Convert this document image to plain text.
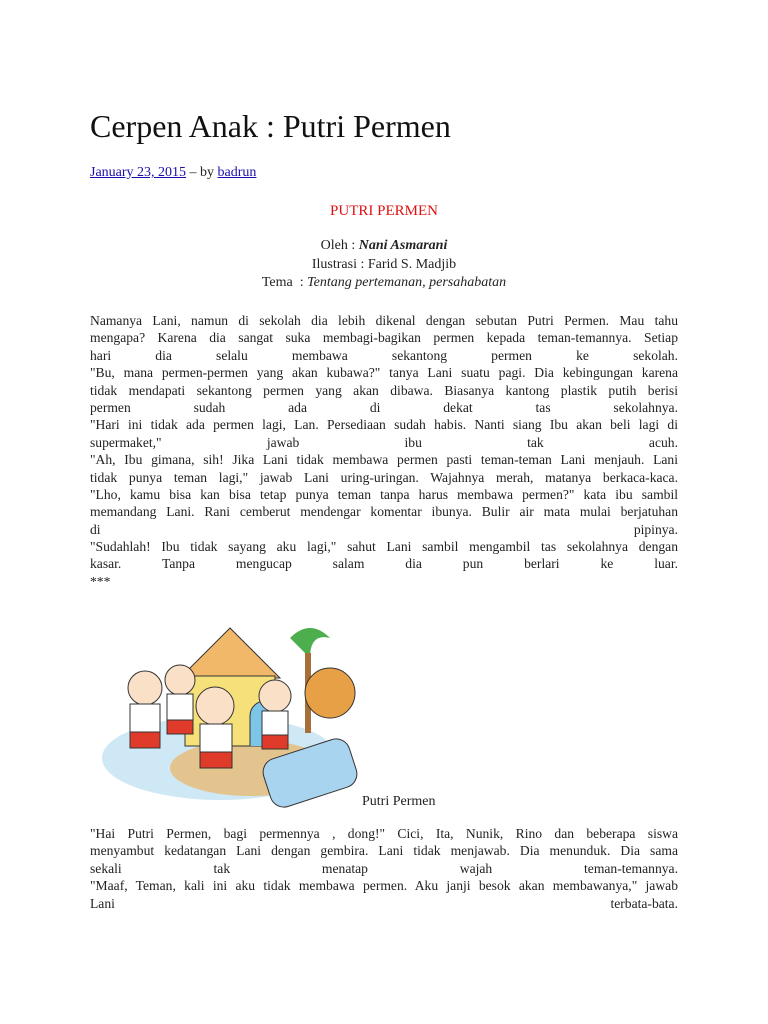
Cerpen Anak : Putri Permen
January 23, 2015 – by badrun
PUTRI PERMEN
Oleh : Nani Asmarani
Ilustrasi : Farid S. Madjib
Tema  : Tentang pertemanan, persahabatan
Namanya Lani, namun di sekolah dia lebih dikenal dengan sebutan Putri Permen. Mau tahu
mengapa? Karena dia sangat suka membagi-bagikan permen kepada teman-temannya. Setiap
hari dia selalu membawa sekantong permen ke sekolah.
"Bu, mana permen-permen yang akan kubawa?" tanya Lani suatu pagi. Dia kebingungan karena
tidak mendapati sekantong permen yang akan dibawa. Biasanya kantong plastik putih berisi
permen sudah ada di dekat tas sekolahnya.
"Hari ini tidak ada permen lagi, Lan. Persediaan sudah habis. Nanti siang Ibu akan beli lagi di
supermaket," jawab ibu tak acuh.
"Ah, Ibu gimana, sih! Jika Lani tidak membawa permen pasti teman-teman Lani menjauh. Lani
tidak punya teman lagi," jawab Lani uring-uringan. Wajahnya merah, matanya berkaca-kaca.
"Lho, kamu bisa kan bisa tetap punya teman tanpa harus membawa permen?" kata ibu sambil
memandang Lani. Rani cemberut mendengar komentar ibunya. Bulir air mata mulai berjatuhan
di pipinya.
"Sudahlah! Ibu tidak sayang aku lagi," sahut Lani sambil mengambil tas sekolahnya dengan
kasar. Tanpa mengucap salam dia pun berlari ke luar.
***
Putri Permen
"Hai Putri Permen, bagi permennya , dong!" Cici, Ita, Nunik, Rino dan beberapa siswa
menyambut kedatangan Lani dengan gembira. Lani tidak menjawab. Dia menunduk. Dia sama
sekali tak menatap wajah teman-temannya.
"Maaf, Teman, kali ini aku tidak membawa permen. Aku janji besok akan membawanya," jawab
Lani terbata-bata.
